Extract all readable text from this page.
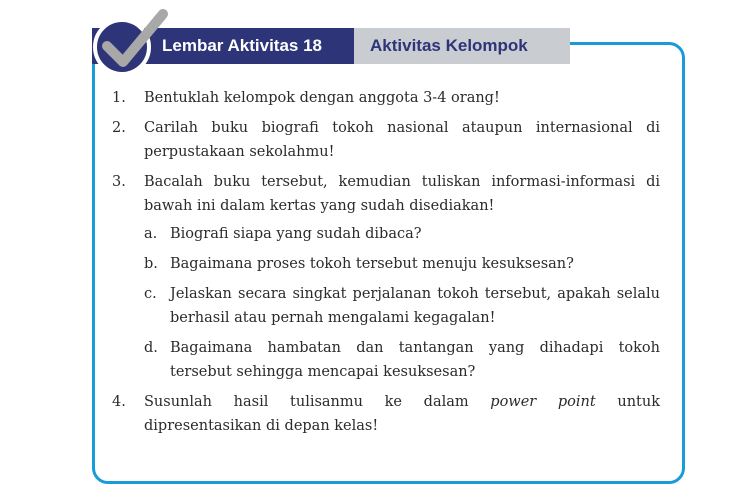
Lembar Aktivitas 18	Aktivitas Kelompok
1. Bentuklah kelompok dengan anggota 3-4 orang!
2. Carilah buku biografi tokoh nasional ataupun internasional di perpustakaan sekolahmu!
3. Bacalah buku tersebut, kemudian tuliskan informasi-informasi di bawah ini dalam kertas yang sudah disediakan!
a. Biografi siapa yang sudah dibaca?
b. Bagaimana proses tokoh tersebut menuju kesuksesan?
c. Jelaskan secara singkat perjalanan tokoh tersebut, apakah selalu berhasil atau pernah mengalami kegagalan!
d. Bagaimana hambatan dan tantangan yang dihadapi tokoh tersebut sehingga mencapai kesuksesan?
4. Susunlah hasil tulisanmu ke dalam power point untuk dipresentasikan di depan kelas!
